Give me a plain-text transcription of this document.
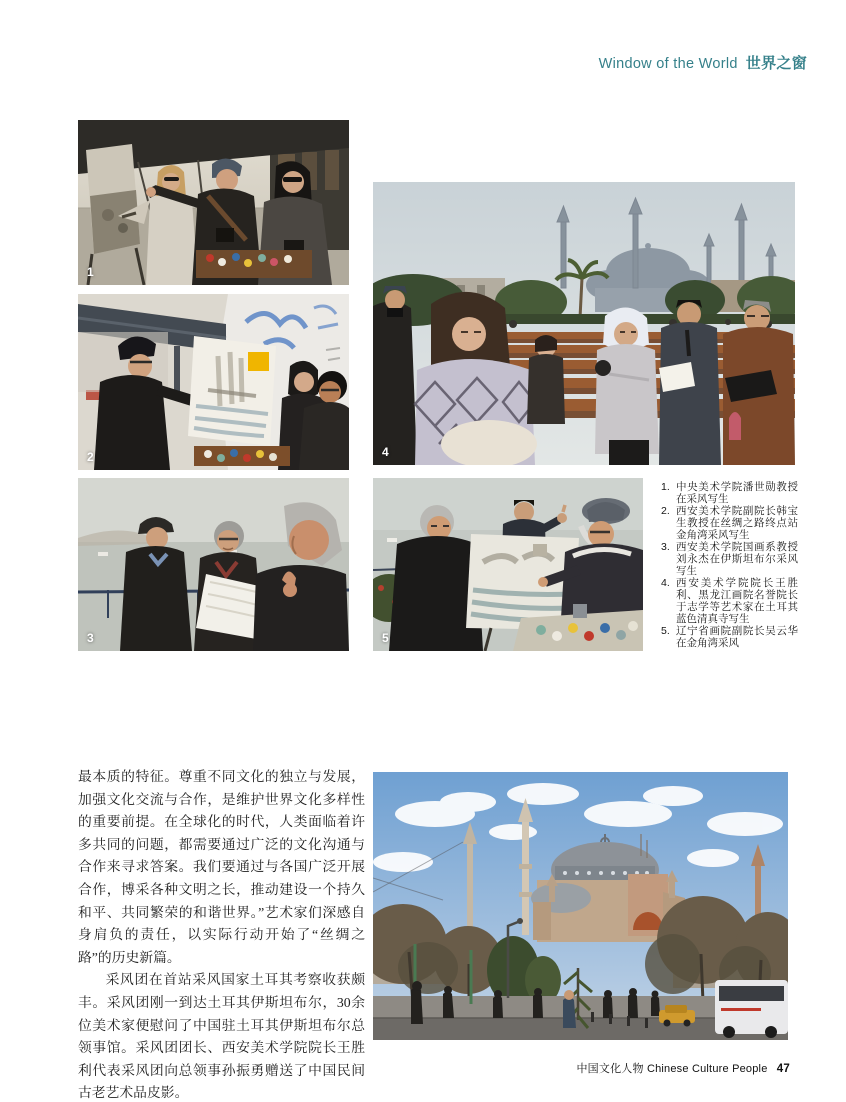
Window of the World 世界之窗
1
2
3
4
5
1. 中央美术学院潘世勋教授在采风写生
2. 西安美术学院副院长韩宝生教授在丝绸之路终点站金角湾采风写生
3. 西安美术学院国画系教授刘永杰在伊斯坦布尔采风写生
4. 西安美术学院院长王胜利、黑龙江画院名誉院长于志学等艺术家在土耳其蓝色清真寺写生
5. 辽宁省画院副院长吴云华在金角湾采风

最本质的特征。尊重不同文化的独立与发展，加强文化交流与合作，是维护世界文化多样性的重要前提。在全球化的时代，人类面临着许多共同的问题，都需要通过广泛的文化沟通与合作来寻求答案。我们要通过与各国广泛开展合作，博采各种文明之长，推动建设一个持久和平、共同繁荣的和谐世界。”艺术家们深感自身肩负的责任，以实际行动开始了“丝绸之路”的历史新篇。

采风团在首站采风国家土耳其考察收获颇丰。采风团刚一到达土耳其伊斯坦布尔，30余位美术家便慰问了中国驻土耳其伊斯坦布尔总领事馆。采风团团长、西安美术学院院长王胜利代表采风团向总领事孙振勇赠送了中国民间古老艺术品皮影。

中国文化人物 Chinese Culture People 47
